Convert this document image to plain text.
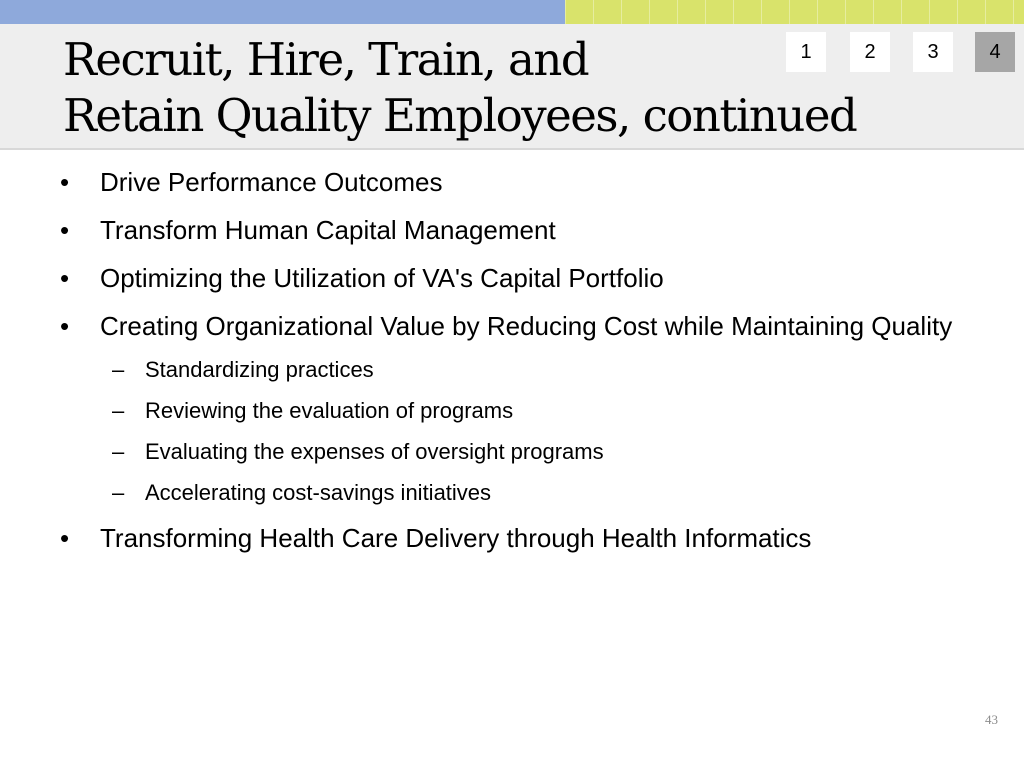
Recruit, Hire, Train, and
Retain Quality Employees, continued
1	2	3	4
• Drive Performance Outcomes
• Transform Human Capital Management
• Optimizing the Utilization of VA's Capital Portfolio
• Creating Organizational Value by Reducing Cost while Maintaining Quality
– Standardizing practices
– Reviewing the evaluation of programs
– Evaluating the expenses of oversight programs
– Accelerating cost-savings initiatives
• Transforming Health Care Delivery through Health Informatics
43
